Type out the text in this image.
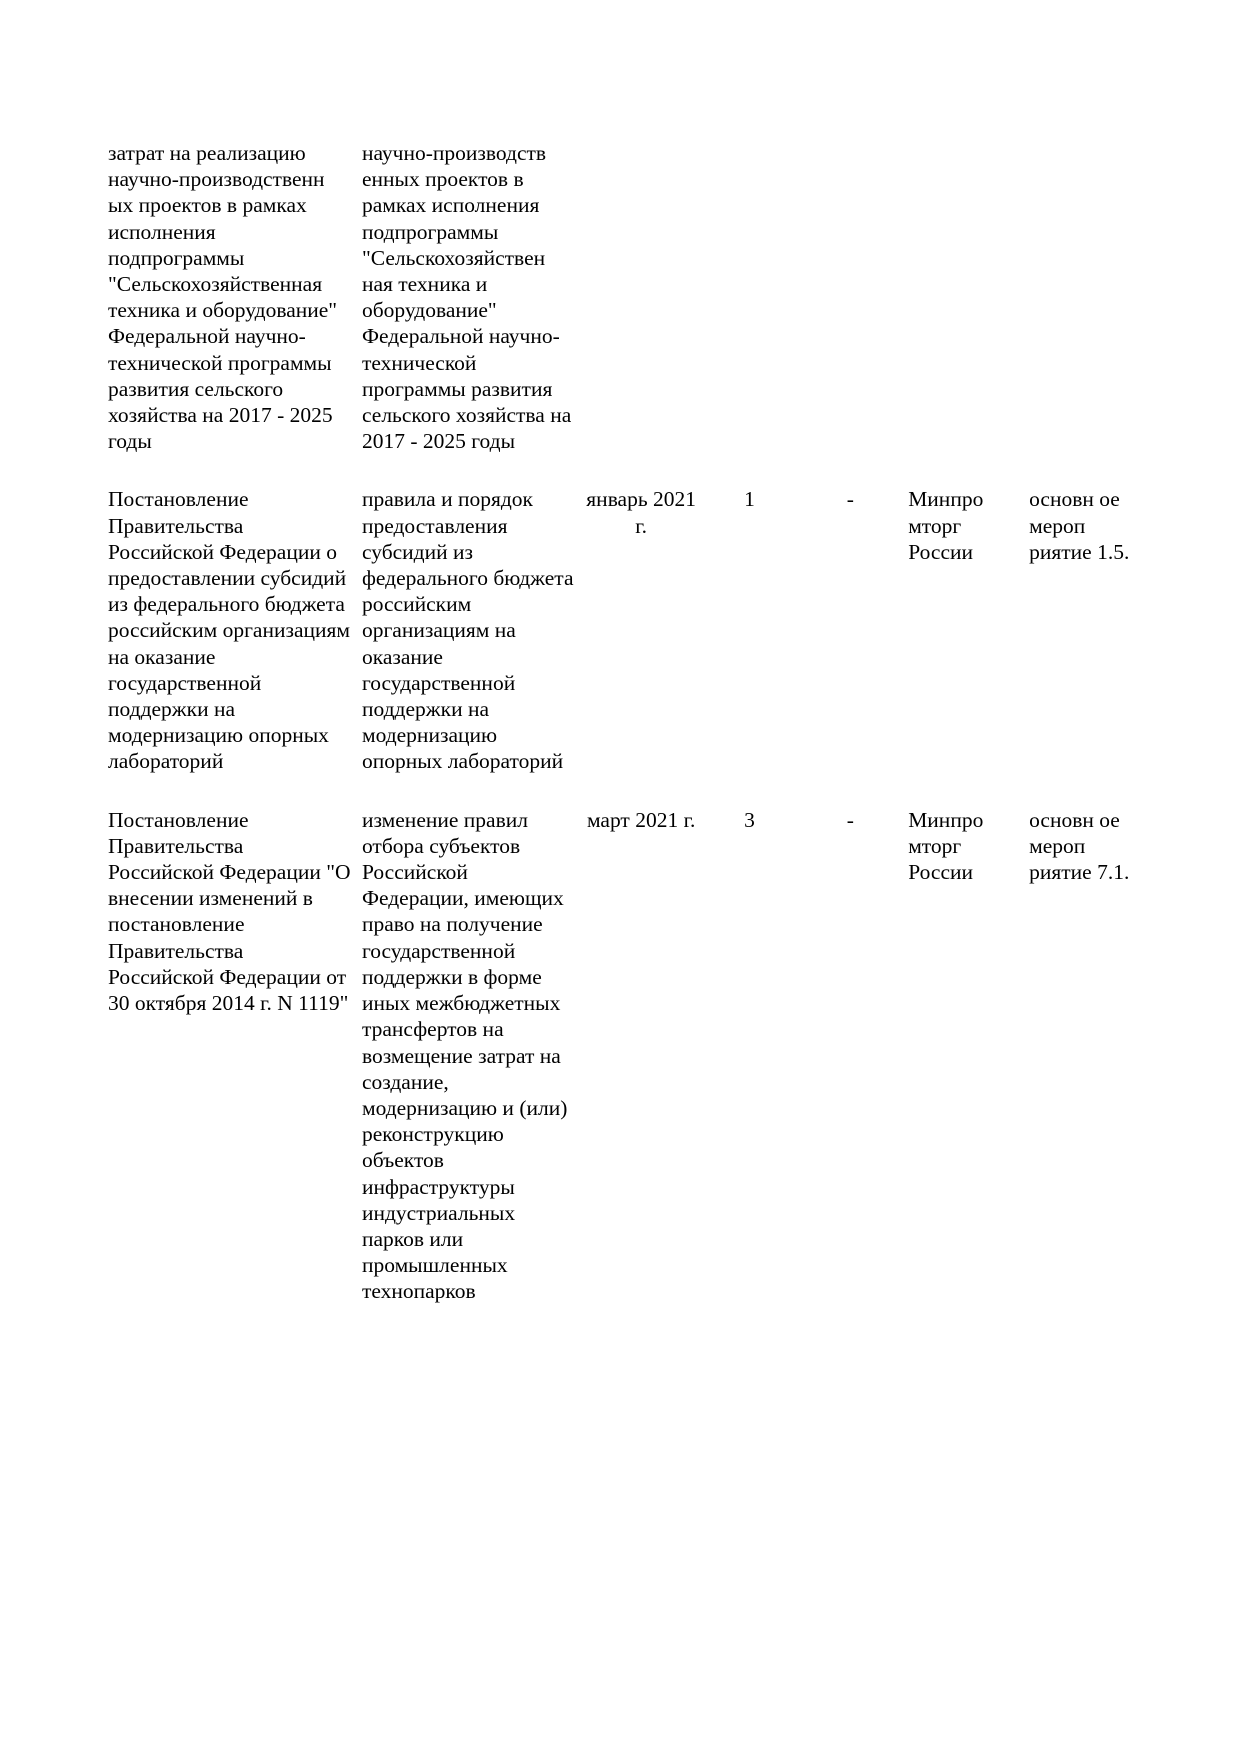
затрат на реализацию научно-производственн ых проектов в рамках исполнения подпрограммы "Сельскохозяйственная техника и оборудование" Федеральной научно-технической программы развития сельского хозяйства на 2017 - 2025 годы	научно-производств енных проектов в рамках исполнения подпрограммы "Сельскохозяйствен ная техника и оборудование" Федеральной научно-технической программы развития сельского хозяйства на 2017 - 2025 годы					

Постановление Правительства Российской Федерации о предоставлении субсидий из федерального бюджета российским организациям на оказание государственной поддержки на модернизацию опорных лабораторий	правила и порядок предоставления субсидий из федерального бюджета российским организациям на оказание государственной поддержки на модернизацию опорных лабораторий	январь 2021 г.	1	-	Минпро мторг России	основн ое мероп риятие 1.5.

Постановление Правительства Российской Федерации "О внесении изменений в постановление Правительства Российской Федерации от 30 октября 2014 г. N 1119"	изменение правил отбора субъектов Российской Федерации, имеющих право на получение государственной поддержки в форме иных межбюджетных трансфертов на возмещение затрат на создание, модернизацию и (или) реконструкцию объектов инфраструктуры индустриальных парков или промышленных технопарков	март 2021 г.	3	-	Минпро мторг России	основн ое мероп риятие 7.1.
